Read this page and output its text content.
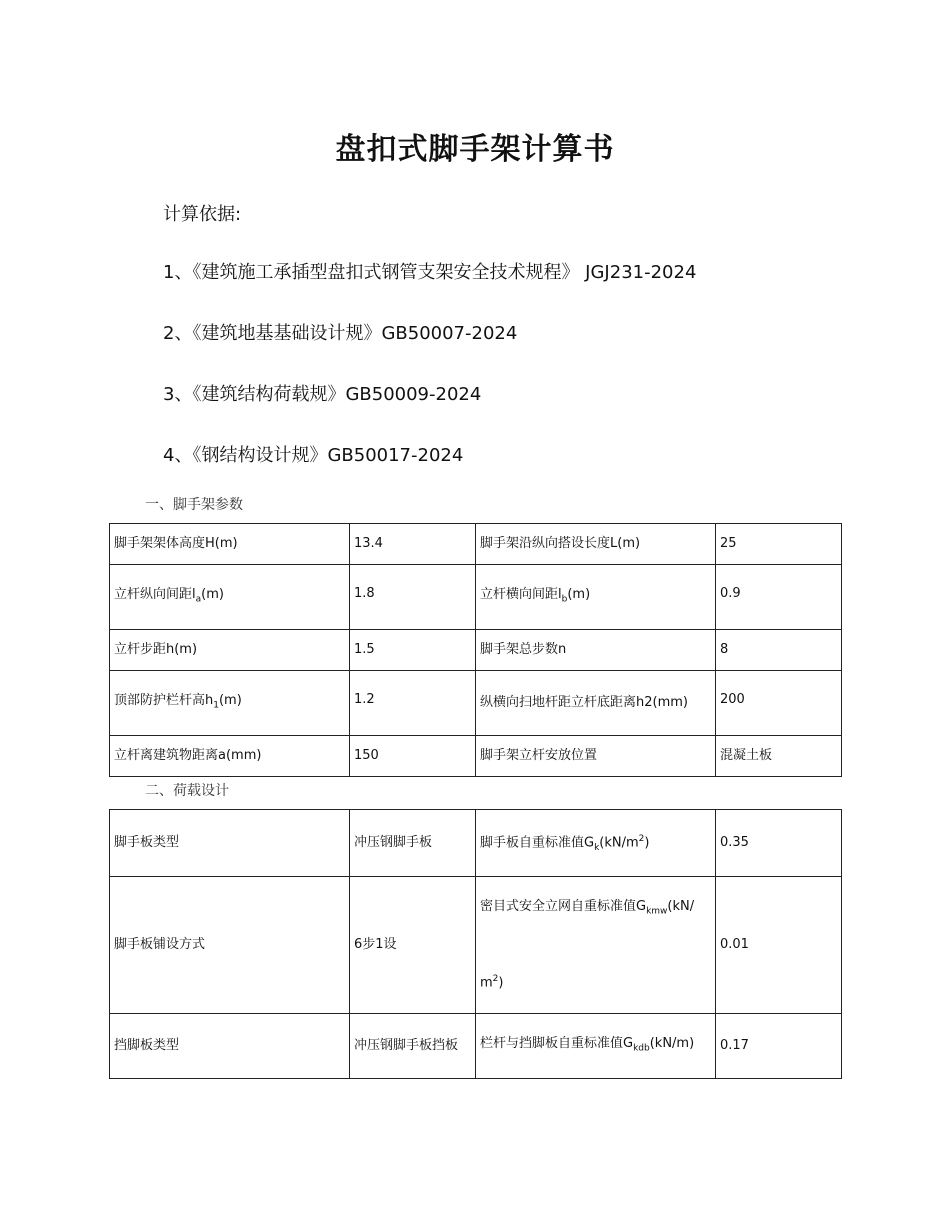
盘扣式脚手架计算书
计算依据:
1、《建筑施工承插型盘扣式钢管支架安全技术规程》 JGJ231-2024
2、《建筑地基基础设计规》GB50007-2024
3、《建筑结构荷载规》GB50009-2024
4、《钢结构设计规》GB50017-2024
一、脚手架参数
脚手架架体高度H(m)	13.4	脚手架沿纵向搭设长度L(m)	25
立杆纵向间距$l_a(m)$	1.8	立杆横向间距$l_b(m)$	0.9
立杆步距h(m)	1.5	脚手架总步数n	8
顶部防护栏杆高$h_1(m)$	1.2	纵横向扫地杆距立杆底距离h2(mm)	200
立杆离建筑物距离a(mm)	150	脚手架立杆安放位置	混凝土板
二、荷载设计
脚手板类型	冲压钢脚手板	脚手板自重标准值$G_k(kN/m^2)$	0.35
脚手板铺设方式	6步1设	密目式安全立网自重标准值$G_{kmw}(kN/$
$m^2$)	0.01
挡脚板类型	冲压钢脚手板挡板	栏杆与挡脚板自重标准值$G_{kdb}(kN/m)$	0.17
